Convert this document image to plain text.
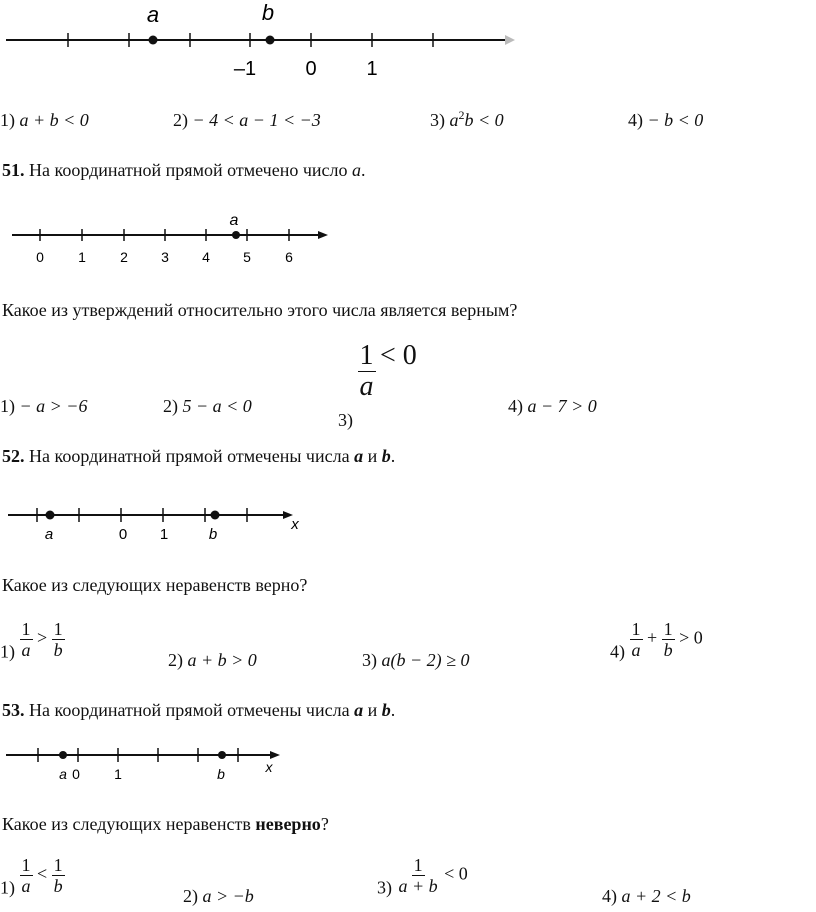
a	b
–1 0 1
1) a + b < 0	2) − 4 < a − 1 < −3	3) $a^2b < 0$	4) − b < 0
51. На координатной прямой отмечено число a.
a
0 1 2 3 4 5 6
Какое из утверждений относительно этого числа является верным?
1) − a > −6	2) 5 − a < 0
3)
$\frac{1}{a} < 0$
4) a − 7 > 0
52. На координатной прямой отмечены числа a и b.
a	b
0 1
x
Какое из следующих неравенств верно?
$1) \frac{1}{a} > \frac{1}{b}$
2) a + b > 0	3) a(b − 2) ≥ 0	$4) \frac{1}{a} + \frac{1}{b} > 0$
53. На координатной прямой отмечены числа a и b.
a	b
0 1	x
Какое из следующих неравенств неверно?
$1) \frac{1}{a} < \frac{1}{b}$
2) a > −b	$3) \frac{1}{a + b} < 0$
4) a + 2 < b
